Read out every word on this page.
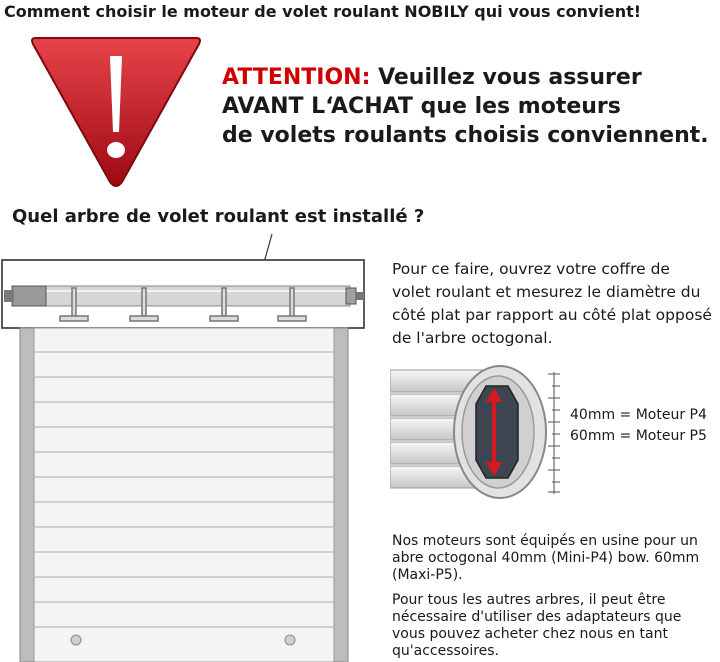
Comment choisir le moteur de volet roulant NOBILY qui vous convient!
ATTENTION: Veuillez vous assurer
AVANT L‘ACHAT que les moteurs
de volets roulants choisis conviennent.
Quel arbre de volet roulant est installé ?
Pour ce faire, ouvrez votre coffre de volet roulant et mesurez le diamètre du côté plat par rapport au côté plat opposé de l'arbre octogonal.
40mm = Moteur P4
60mm = Moteur P5
Nos moteurs sont équipés en usine pour un abre octogonal 40mm (Mini-P4) bow. 60mm (Maxi-P5).
Pour tous les autres arbres, il peut être nécessaire d'utiliser des adaptateurs que vous pouvez acheter chez nous en tant qu'accessoires.
